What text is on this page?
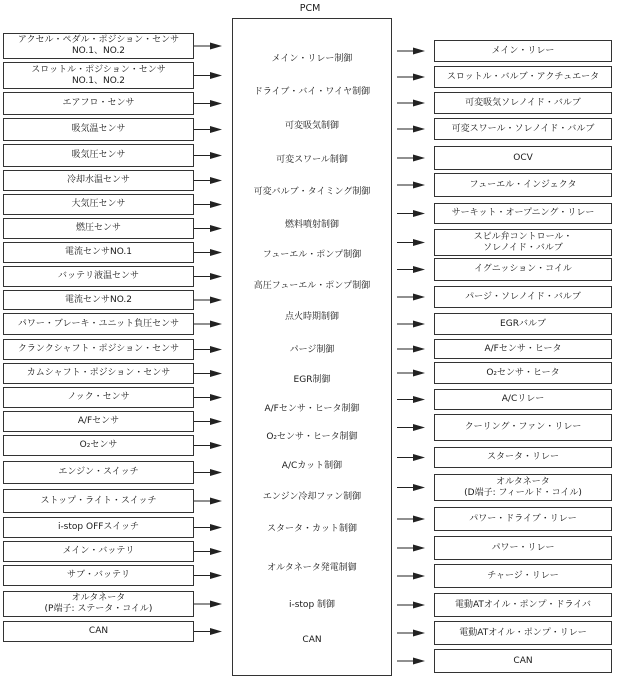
PCM
アクセル・ペダル・ポジション・センサ
NO.1、NO.2
スロットル・ポジション・センサ
NO.1、NO.2
エアフロ・センサ
吸気温センサ
吸気圧センサ
冷却水温センサ
大気圧センサ
燃圧センサ
電流センサNO.1
バッテリ液温センサ
電流センサNO.2
パワー・ブレーキ・ユニット負圧センサ
クランクシャフト・ポジション・センサ
カムシャフト・ポジション・センサ
ノック・センサ
A/Fセンサ
O₂センサ
エンジン・スイッチ
ストップ・ライト・スイッチ
i-stop OFFスイッチ
メイン・バッテリ
サブ・バッテリ
オルタネータ
(P端子: ステータ・コイル)
CAN
メイン・リレー制御
ドライブ・バイ・ワイヤ制御
可変吸気制御
可変スワール制御
可変バルブ・タイミング制御
燃料噴射制御
フューエル・ポンプ制御
高圧フューエル・ポンプ制御
点火時期制御
パージ制御
EGR制御
A/Fセンサ・ヒータ制御
O₂センサ・ヒータ制御
A/Cカット制御
エンジン冷却ファン制御
スタータ・カット制御
オルタネータ発電制御
i-stop 制御
CAN
メイン・リレー
スロットル・バルブ・アクチュエータ
可変吸気ソレノイド・バルブ
可変スワール・ソレノイド・バルブ
OCV
フューエル・インジェクタ
サーキット・オープニング・リレー
スピル弁コントロール・
ソレノイド・バルブ
イグニッション・コイル
パージ・ソレノイド・バルブ
EGRバルブ
A/Fセンサ・ヒータ
O₂センサ・ヒータ
A/Cリレー
クーリング・ファン・リレー
スタータ・リレー
オルタネータ
(D端子: フィールド・コイル)
パワー・ドライブ・リレー
パワー・リレー
チャージ・リレー
電動ATオイル・ポンプ・ドライバ
電動ATオイル・ポンプ・リレー
CAN
